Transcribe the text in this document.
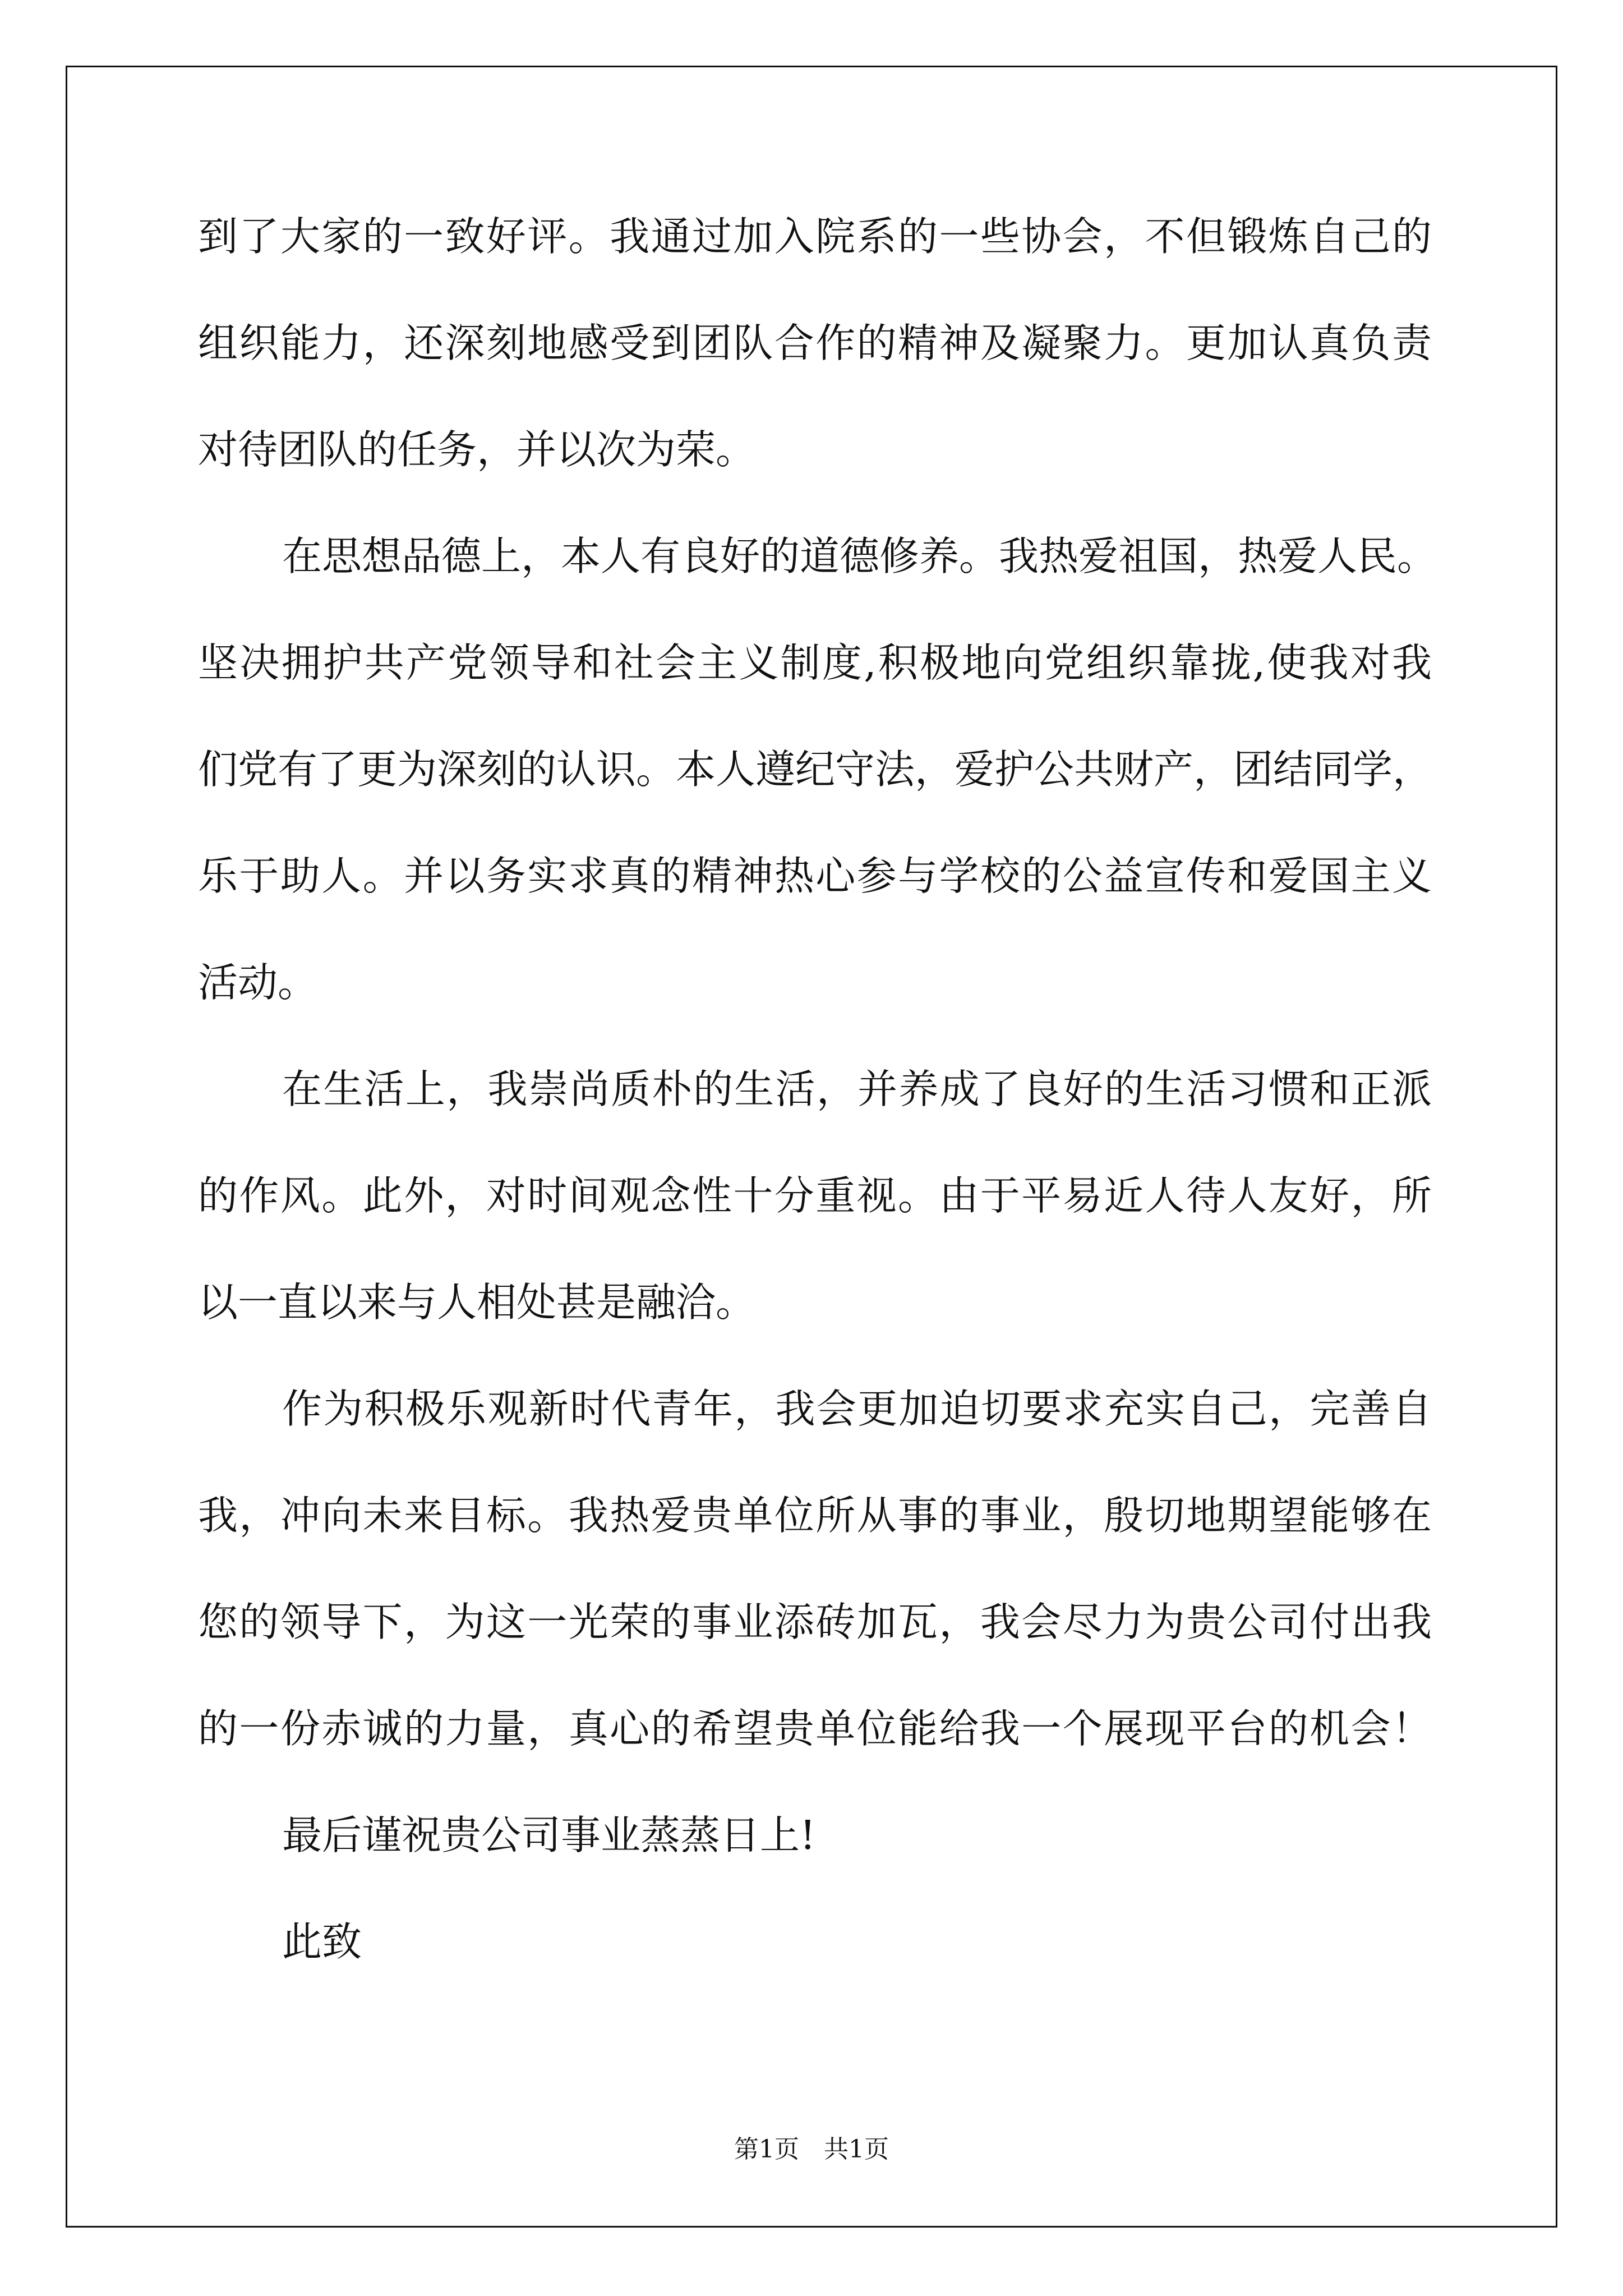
到了大家的一致好评。我通过加入院系的一些协会，不但锻炼自己的
组织能力，还深刻地感受到团队合作的精神及凝聚力。更加认真负责
对待团队的任务，并以次为荣。
在思想品德上，本人有良好的道德修养。我热爱祖国，热爱人民。
坚决拥护共产党领导和社会主义制度,积极地向党组织靠拢,使我对我
们党有了更为深刻的认识。本人遵纪守法，爱护公共财产，团结同学，
乐于助人。并以务实求真的精神热心参与学校的公益宣传和爱国主义
活动。
在生活上，我崇尚质朴的生活，并养成了良好的生活习惯和正派
的作风。此外，对时间观念性十分重视。由于平易近人待人友好，所
以一直以来与人相处甚是融洽。
作为积极乐观新时代青年，我会更加迫切要求充实自己，完善自
我，冲向未来目标。我热爱贵单位所从事的事业，殷切地期望能够在
您的领导下，为这一光荣的事业添砖加瓦，我会尽力为贵公司付出我
的一份赤诚的力量，真心的希望贵单位能给我一个展现平台的机会！
最后谨祝贵公司事业蒸蒸日上!
此致
第1页　共1页
